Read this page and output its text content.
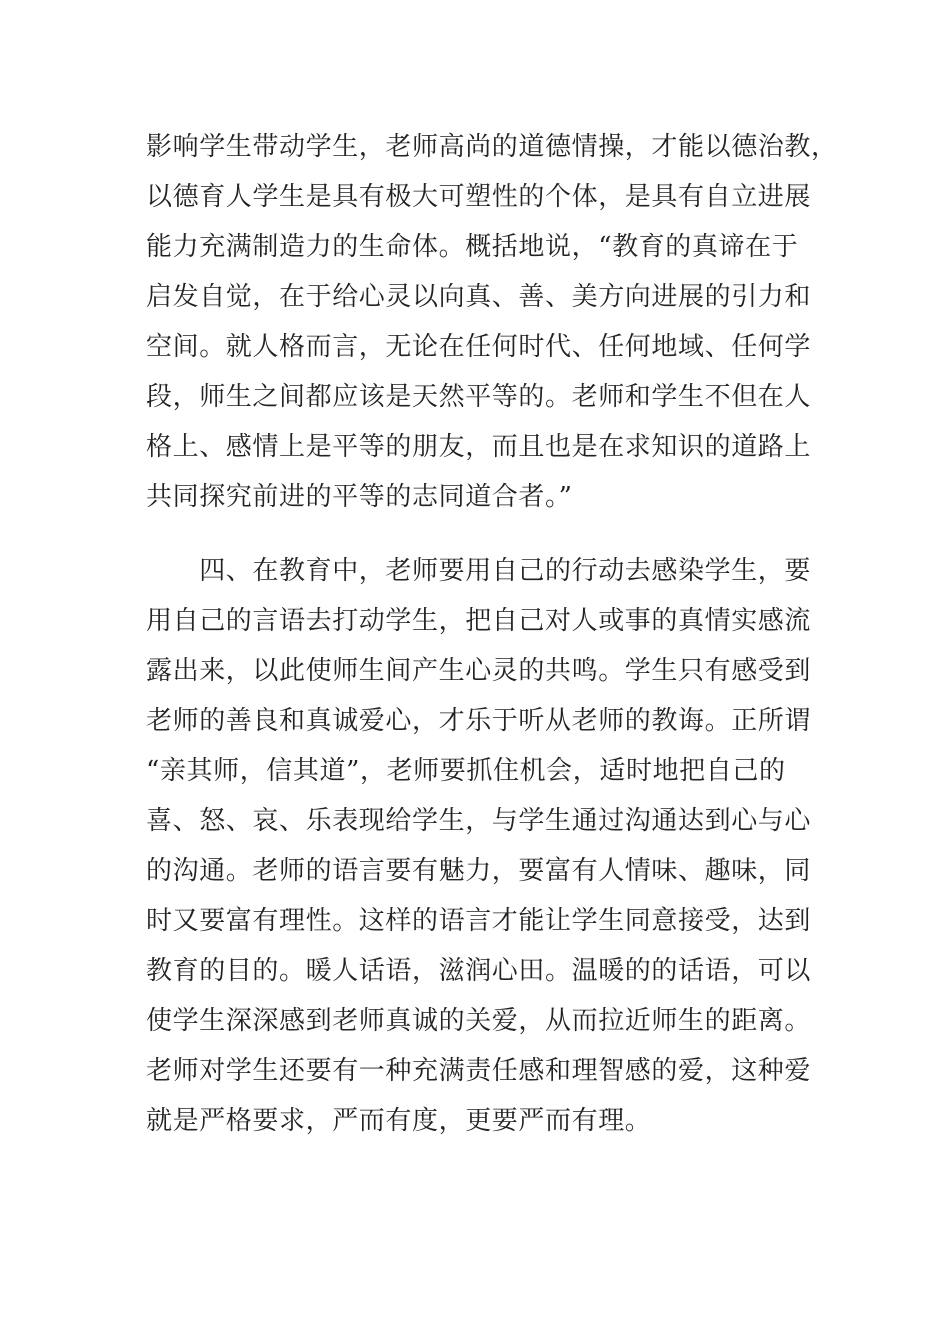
影响学生带动学生，老师高尚的道德情操，才能以德治教，
以德育人学生是具有极大可塑性的个体，是具有自立进展
能力充满制造力的生命体。概括地说，“教育的真谛在于
启发自觉，在于给心灵以向真、善、美方向进展的引力和
空间。就人格而言，无论在任何时代、任何地域、任何学
段，师生之间都应该是天然平等的。老师和学生不但在人
格上、感情上是平等的朋友，而且也是在求知识的道路上
共同探究前进的平等的志同道合者。”
　　四、在教育中，老师要用自己的行动去感染学生，要
用自己的言语去打动学生，把自己对人或事的真情实感流
露出来，以此使师生间产生心灵的共鸣。学生只有感受到
老师的善良和真诚爱心，才乐于听从老师的教诲。正所谓
“亲其师，信其道”，老师要抓住机会，适时地把自己的
喜、怒、哀、乐表现给学生，与学生通过沟通达到心与心
的沟通。老师的语言要有魅力，要富有人情味、趣味，同
时又要富有理性。这样的语言才能让学生同意接受，达到
教育的目的。暖人话语，滋润心田。温暖的的话语，可以
使学生深深感到老师真诚的关爱，从而拉近师生的距离。
老师对学生还要有一种充满责任感和理智感的爱，这种爱
就是严格要求，严而有度，更要严而有理。
